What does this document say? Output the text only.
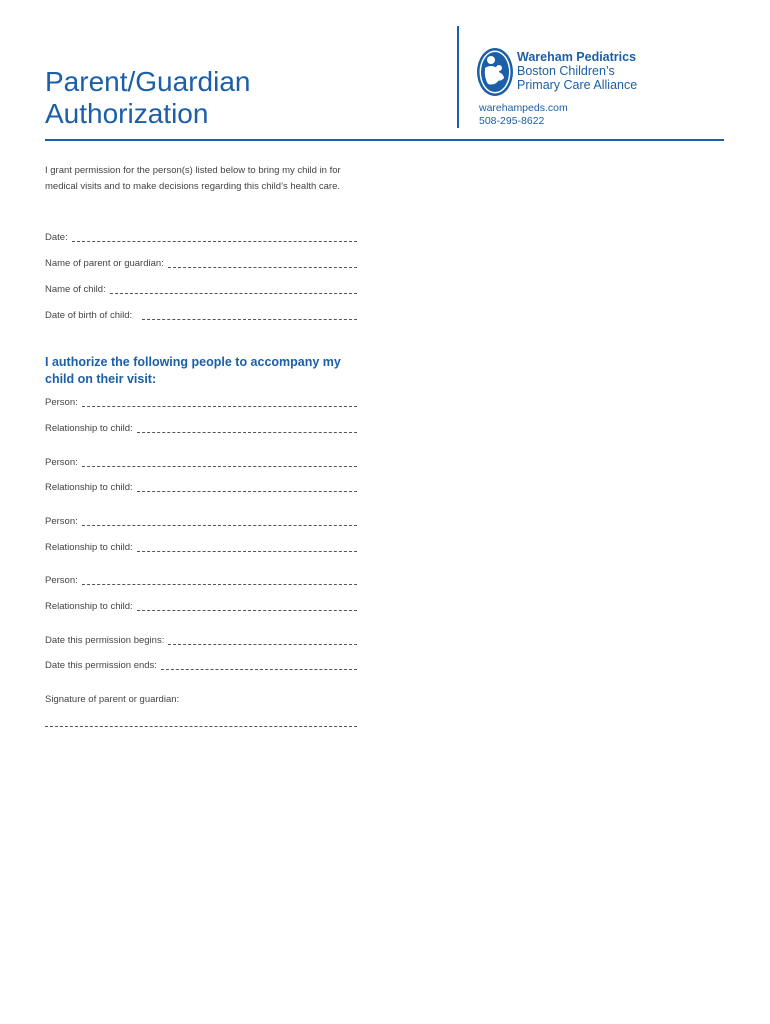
Parent/Guardian
Authorization
Wareham Pediatrics
Boston Children’s
Primary Care Alliance
warehampeds.com
508-295-8622

I grant permission for the person(s) listed below to bring my child in for medical visits and to make decisions regarding this child’s health care.

Date:
Name of parent or guardian:
Name of child:
Date of birth of child:
I authorize the following people to accompany my child on their visit:
Person:
Relationship to child:
Person:
Relationship to child:
Person:
Relationship to child:
Person:
Relationship to child:
Date this permission begins:
Date this permission ends:
Signature of parent or guardian:
